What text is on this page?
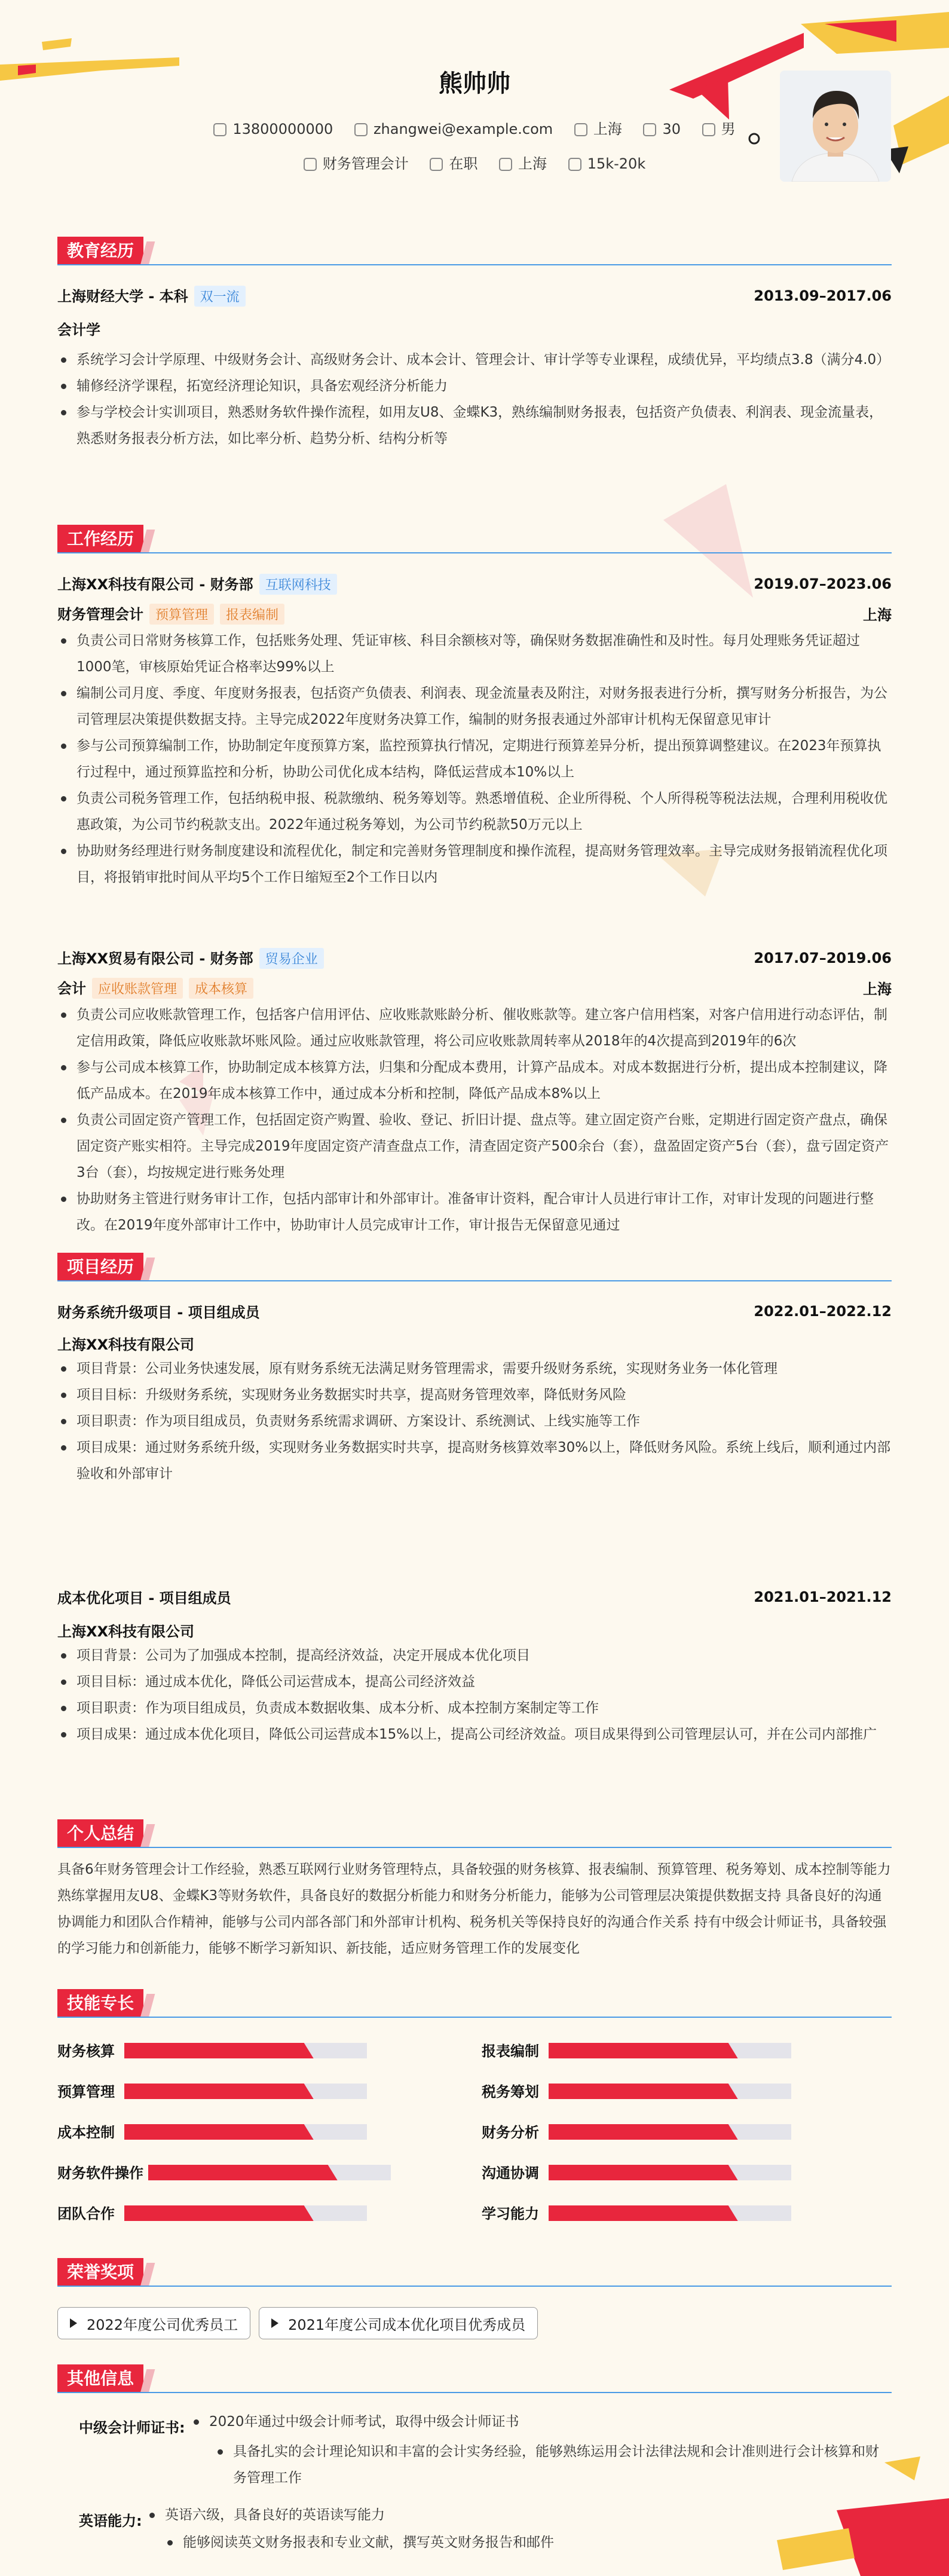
熊帅帅
13800000000	zhangwei@example.com	上海	30	男
财务管理会计	在职	上海	15k-20k
教育经历
上海财经大学 - 本科 双一流	2013.09–2017.06
会计学
系统学习会计学原理、中级财务会计、高级财务会计、成本会计、管理会计、审计学等专业课程，成绩优异，平均绩点3.8（满分4.0）
辅修经济学课程，拓宽经济理论知识，具备宏观经济分析能力
参与学校会计实训项目，熟悉财务软件操作流程，如用友U8、金蝶K3，熟练编制财务报表，包括资产负债表、利润表、现金流量表，熟悉财务报表分析方法，如比率分析、趋势分析、结构分析等
工作经历
上海XX科技有限公司 - 财务部 互联网科技	2019.07–2023.06
财务管理会计 预算管理 报表编制	上海
负责公司日常财务核算工作，包括账务处理、凭证审核、科目余额核对等，确保财务数据准确性和及时性。每月处理账务凭证超过1000笔，审核原始凭证合格率达99%以上
编制公司月度、季度、年度财务报表，包括资产负债表、利润表、现金流量表及附注，对财务报表进行分析，撰写财务分析报告，为公司管理层决策提供数据支持。主导完成2022年度财务决算工作，编制的财务报表通过外部审计机构无保留意见审计
参与公司预算编制工作，协助制定年度预算方案，监控预算执行情况，定期进行预算差异分析，提出预算调整建议。在2023年预算执行过程中，通过预算监控和分析，协助公司优化成本结构，降低运营成本10%以上
负责公司税务管理工作，包括纳税申报、税款缴纳、税务筹划等。熟悉增值税、企业所得税、个人所得税等税法法规，合理利用税收优惠政策，为公司节约税款支出。2022年通过税务筹划，为公司节约税款50万元以上
协助财务经理进行财务制度建设和流程优化，制定和完善财务管理制度和操作流程，提高财务管理效率。主导完成财务报销流程优化项目，将报销审批时间从平均5个工作日缩短至2个工作日以内
上海XX贸易有限公司 - 财务部 贸易企业	2017.07–2019.06
会计 应收账款管理 成本核算	上海
负责公司应收账款管理工作，包括客户信用评估、应收账款账龄分析、催收账款等。建立客户信用档案，对客户信用进行动态评估，制定信用政策，降低应收账款坏账风险。通过应收账款管理，将公司应收账款周转率从2018年的4次提高到2019年的6次
参与公司成本核算工作，协助制定成本核算方法，归集和分配成本费用，计算产品成本。对成本数据进行分析，提出成本控制建议，降低产品成本。在2019年成本核算工作中，通过成本分析和控制，降低产品成本8%以上
负责公司固定资产管理工作，包括固定资产购置、验收、登记、折旧计提、盘点等。建立固定资产台账，定期进行固定资产盘点，确保固定资产账实相符。主导完成2019年度固定资产清查盘点工作，清查固定资产500余台（套），盘盈固定资产5台（套），盘亏固定资产3台（套），均按规定进行账务处理
协助财务主管进行财务审计工作，包括内部审计和外部审计。准备审计资料，配合审计人员进行审计工作，对审计发现的问题进行整改。在2019年度外部审计工作中，协助审计人员完成审计工作，审计报告无保留意见通过
项目经历
财务系统升级项目 - 项目组成员	2022.01–2022.12
上海XX科技有限公司
项目背景：公司业务快速发展，原有财务系统无法满足财务管理需求，需要升级财务系统，实现财务业务一体化管理
项目目标：升级财务系统，实现财务业务数据实时共享，提高财务管理效率，降低财务风险
项目职责：作为项目组成员，负责财务系统需求调研、方案设计、系统测试、上线实施等工作
项目成果：通过财务系统升级，实现财务业务数据实时共享，提高财务核算效率30%以上，降低财务风险。系统上线后，顺利通过内部验收和外部审计
成本优化项目 - 项目组成员	2021.01–2021.12
上海XX科技有限公司
项目背景：公司为了加强成本控制，提高经济效益，决定开展成本优化项目
项目目标：通过成本优化，降低公司运营成本，提高公司经济效益
项目职责：作为项目组成员，负责成本数据收集、成本分析、成本控制方案制定等工作
项目成果：通过成本优化项目，降低公司运营成本15%以上，提高公司经济效益。项目成果得到公司管理层认可，并在公司内部推广
个人总结
具备6年财务管理会计工作经验，熟悉互联网行业财务管理特点，具备较强的财务核算、报表编制、预算管理、税务筹划、成本控制等能力 熟练掌握用友U8、金蝶K3等财务软件，具备良好的数据分析能力和财务分析能力，能够为公司管理层决策提供数据支持 具备良好的沟通协调能力和团队合作精神，能够与公司内部各部门和外部审计机构、税务机关等保持良好的沟通合作关系 持有中级会计师证书，具备较强的学习能力和创新能力，能够不断学习新知识、新技能，适应财务管理工作的发展变化
技能专长
财务核算	报表编制
预算管理	税务筹划
成本控制	财务分析
财务软件操作	沟通协调
团队合作	学习能力
荣誉奖项
2022年度公司优秀员工	2021年度公司成本优化项目优秀成员
其他信息
中级会计师证书:	2020年通过中级会计师考试，取得中级会计师证书
具备扎实的会计理论知识和丰富的会计实务经验，能够熟练运用会计法律法规和会计准则进行会计核算和财务管理工作
英语能力:	英语六级，具备良好的英语读写能力
能够阅读英文财务报表和专业文献，撰写英文财务报告和邮件
